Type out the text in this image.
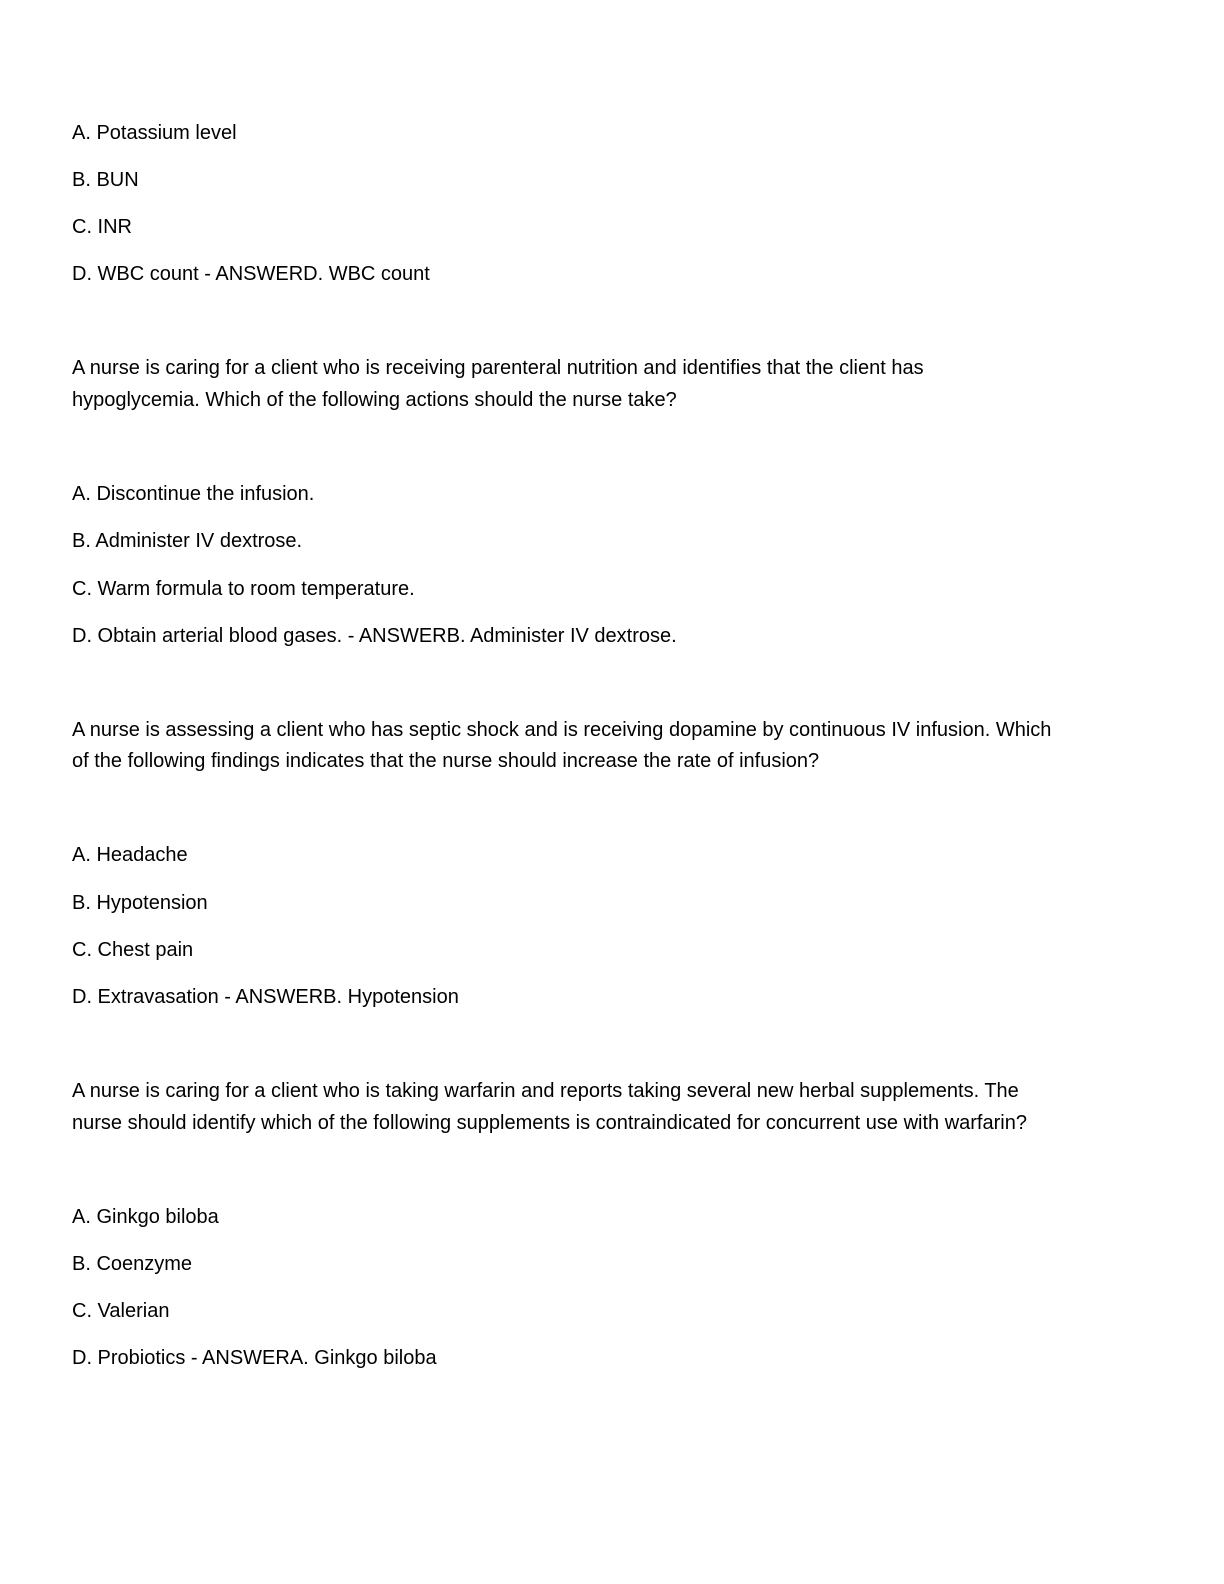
A. Potassium level
B. BUN
C. INR
D. WBC count - ANSWERD. WBC count
A nurse is caring for a client who is receiving parenteral nutrition and identifies that the client has
hypoglycemia. Which of the following actions should the nurse take?
A. Discontinue the infusion.
B. Administer IV dextrose.
C. Warm formula to room temperature.
D. Obtain arterial blood gases. - ANSWERB. Administer IV dextrose.
A nurse is assessing a client who has septic shock and is receiving dopamine by continuous IV infusion. Which
of the following findings indicates that the nurse should increase the rate of infusion?
A. Headache
B. Hypotension
C. Chest pain
D. Extravasation - ANSWERB. Hypotension
A nurse is caring for a client who is taking warfarin and reports taking several new herbal supplements. The
nurse should identify which of the following supplements is contraindicated for concurrent use with warfarin?
A. Ginkgo biloba
B. Coenzyme
C. Valerian
D. Probiotics - ANSWERA. Ginkgo biloba
